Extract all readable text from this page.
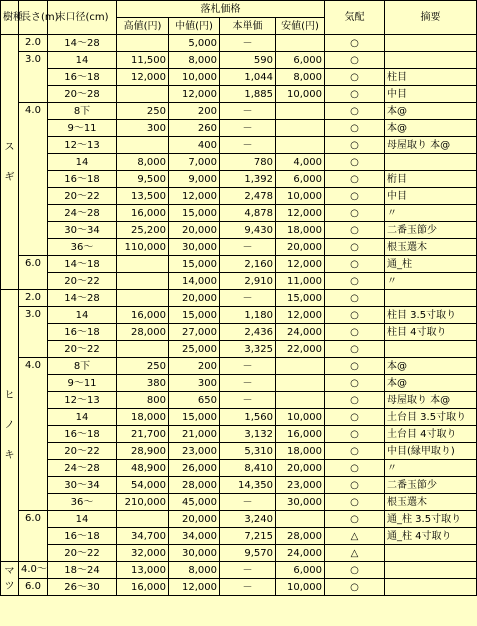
樹種	長さ(m)	末口径(cm)	落札価格				気配	摘要
			高値(円)	中値(円)	本単価	安値(円)		
ス

ギ	2.0	14～28		5,000	－		○	
	3.0	14	11,500	8,000	590	6,000	○	
		16～18	12,000	10,000	1,044	8,000	○	柱目
		20～28		12,000	1,885	10,000	○	中目
	4.0	8下	250	200	－		○	本@
		9～11	300	260	－		○	本@
		12～13		400	－		○	母屋取り 本@
		14	8,000	7,000	780	4,000	○	
		16～18	9,500	9,000	1,392	6,000	○	桁目
		20～22	13,500	12,000	2,478	10,000	○	中目
		24～28	16,000	15,000	4,878	12,000	○	〃
		30～34	25,200	20,000	9,430	18,000	○	二番玉節少
		36～	110,000	30,000	－	20,000	○	根玉選木
	6.0	14～18		15,000	2,160	12,000	○	通_柱
		20～22		14,000	2,910	11,000	○	〃
ヒ

ノ

キ	2.0	14～28		20,000	－	15,000	○	
	3.0	14	16,000	15,000	1,180	12,000	○	柱目 3.5寸取り
		16～18	28,000	27,000	2,436	24,000	○	柱目 4寸取り
		20～22		25,000	3,325	22,000	○	
	4.0	8下	250	200	－		○	本@
		9～11	380	300	－		○	本@
		12～13	800	650	－		○	母屋取り 本@
		14	18,000	15,000	1,560	10,000	○	土台目 3.5寸取り
		16～18	21,700	21,000	3,132	16,000	○	土台目 4寸取り
		20～22	28,900	23,000	5,310	18,000	○	中目(縁甲取り)
		24～28	48,900	26,000	8,410	20,000	○	〃
		30～34	54,000	28,000	14,350	23,000	○	二番玉節少
		36～	210,000	45,000	－	30,000	○	根玉選木
	6.0	14		20,000	3,240		○	通_柱 3.5寸取り
		16～18	34,700	34,000	7,215	28,000	△	通_柱 4寸取り
		20～22	32,000	30,000	9,570	24,000	△	
マ
ツ	4.0～	18～24	13,000	8,000	－	6,000	○	
	6.0	26～30	16,000	12,000	－	10,000	○	
